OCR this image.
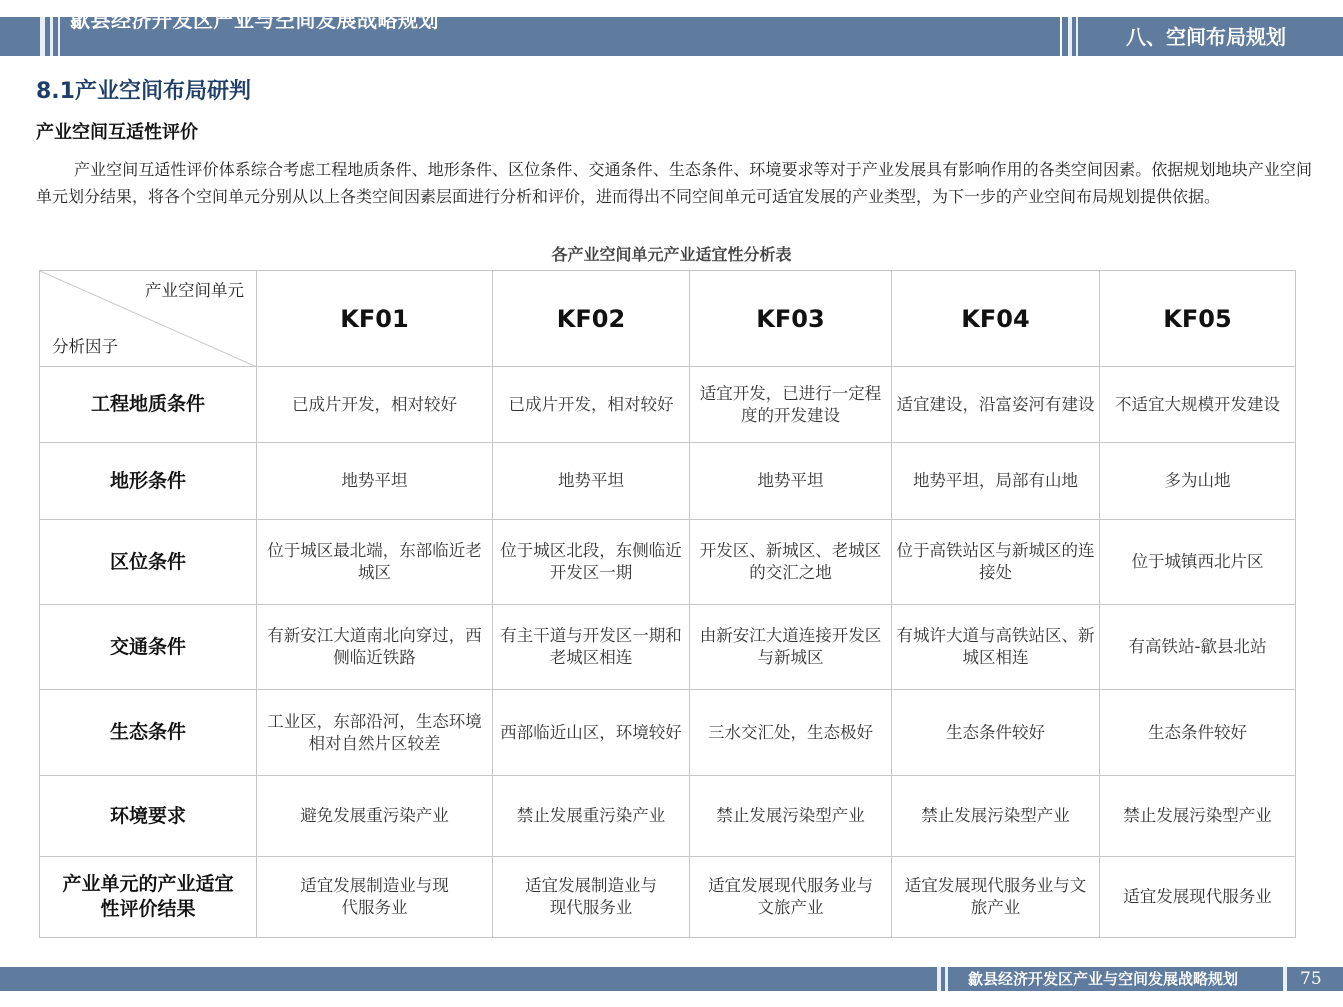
歙县经济开发区产业与空间发展战略规划
八、空间布局规划
8.1产业空间布局研判
产业空间互适性评价
产业空间互适性评价体系综合考虑工程地质条件、地形条件、区位条件、交通条件、生态条件、环境要求等对于产业发展具有影响作用的各类空间因素。依据规划地块产业空间单元划分结果，将各个空间单元分别从以上各类空间因素层面进行分析和评价，进而得出不同空间单元可适宜发展的产业类型，为下一步的产业空间布局规划提供依据。
各产业空间单元产业适宜性分析表
产业空间单元
分析因子	KF01	KF02	KF03	KF04	KF05
工程地质条件	已成片开发，相对较好	已成片开发，相对较好	适宜开发，已进行一定程度的开发建设	适宜建设，沿富姿河有建设	不适宜大规模开发建设
地形条件	地势平坦	地势平坦	地势平坦	地势平坦，局部有山地	多为山地
区位条件	位于城区最北端，东部临近老城区	位于城区北段，东侧临近开发区一期	开发区、新城区、老城区的交汇之地	位于高铁站区与新城区的连接处	位于城镇西北片区
交通条件	有新安江大道南北向穿过，西侧临近铁路	有主干道与开发区一期和老城区相连	由新安江大道连接开发区与新城区	有城许大道与高铁站区、新城区相连	有高铁站-歙县北站
生态条件	工业区，东部沿河，生态环境相对自然片区较差	西部临近山区，环境较好	三水交汇处，生态极好	生态条件较好	生态条件较好
环境要求	避免发展重污染产业	禁止发展重污染产业	禁止发展污染型产业	禁止发展污染型产业	禁止发展污染型产业
产业单元的产业适宜性评价结果	适宜发展制造业与现代服务业	适宜发展制造业与现代服务业	适宜发展现代服务业与文旅产业	适宜发展现代服务业与文旅产业	适宜发展现代服务业
歙县经济开发区产业与空间发展战略规划	75
